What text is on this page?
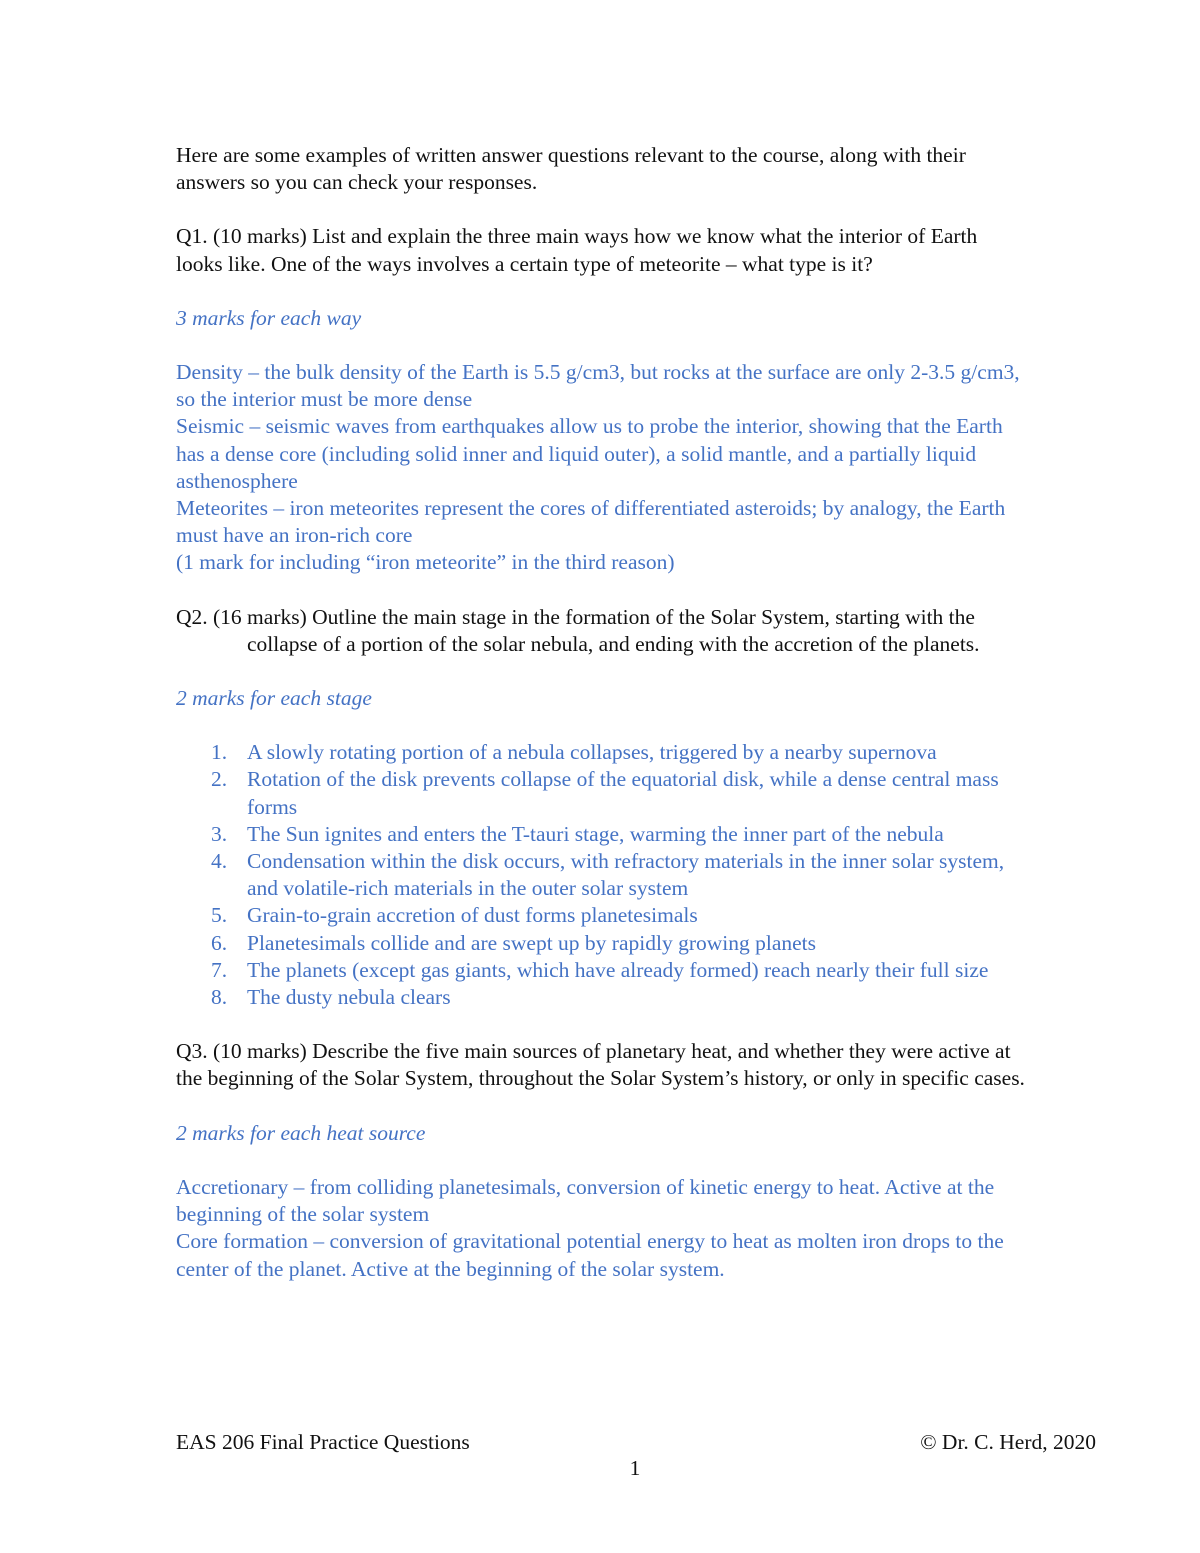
Here are some examples of written answer questions relevant to the course, along with their answers so you can check your responses.

Q1. (10 marks) List and explain the three main ways how we know what the interior of Earth looks like. One of the ways involves a certain type of meteorite – what type is it?

3 marks for each way

Density – the bulk density of the Earth is 5.5 g/cm3, but rocks at the surface are only 2-3.5 g/cm3, so the interior must be more dense

Seismic – seismic waves from earthquakes allow us to probe the interior, showing that the Earth has a dense core (including solid inner and liquid outer), a solid mantle, and a partially liquid asthenosphere

Meteorites – iron meteorites represent the cores of differentiated asteroids; by analogy, the Earth must have an iron-rich core

(1 mark for including “iron meteorite” in the third reason)

Q2. (16 marks) Outline the main stage in the formation of the Solar System, starting with the collapse of a portion of the solar nebula, and ending with the accretion of the planets.

2 marks for each stage

1. A slowly rotating portion of a nebula collapses, triggered by a nearby supernova
2. Rotation of the disk prevents collapse of the equatorial disk, while a dense central mass forms
3. The Sun ignites and enters the T-tauri stage, warming the inner part of the nebula
4. Condensation within the disk occurs, with refractory materials in the inner solar system, and volatile-rich materials in the outer solar system
5. Grain-to-grain accretion of dust forms planetesimals
6. Planetesimals collide and are swept up by rapidly growing planets
7. The planets (except gas giants, which have already formed) reach nearly their full size
8. The dusty nebula clears

Q3. (10 marks) Describe the five main sources of planetary heat, and whether they were active at the beginning of the Solar System, throughout the Solar System’s history, or only in specific cases.

2 marks for each heat source

Accretionary – from colliding planetesimals, conversion of kinetic energy to heat. Active at the beginning of the solar system

Core formation – conversion of gravitational potential energy to heat as molten iron drops to the center of the planet. Active at the beginning of the solar system.

EAS 206 Final Practice Questions	© Dr. C. Herd, 2020
1
